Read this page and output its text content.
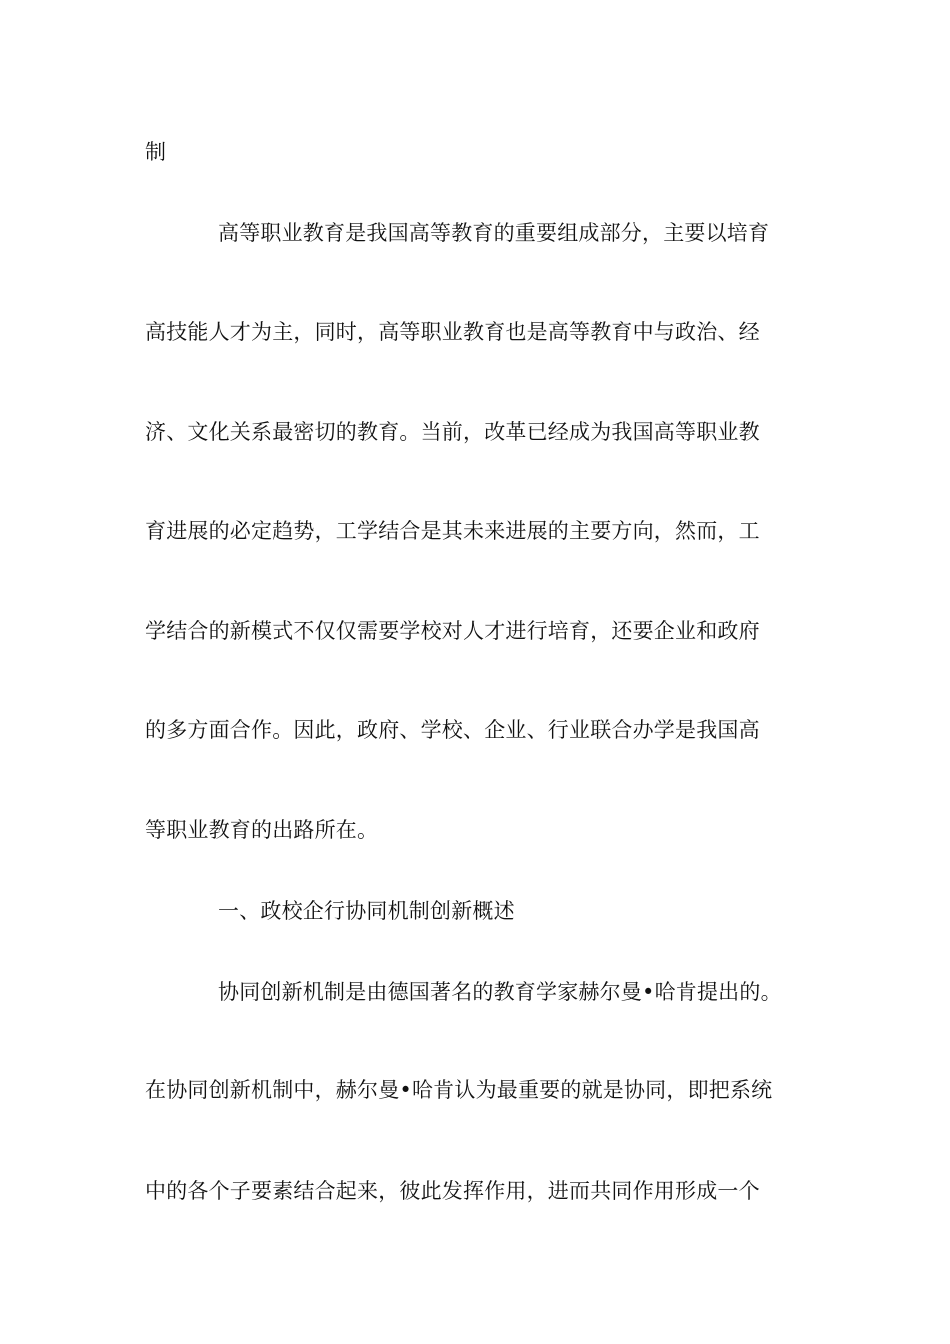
制
高等职业教育是我国高等教育的重要组成部分，主要以培育
高技能人才为主，同时，高等职业教育也是高等教育中与政治、经
济、文化关系最密切的教育。当前，改革已经成为我国高等职业教
育进展的必定趋势，工学结合是其未来进展的主要方向，然而，工
学结合的新模式不仅仅需要学校对人才进行培育，还要企业和政府
的多方面合作。因此，政府、学校、企业、行业联合办学是我国高
等职业教育的出路所在。
一、政校企行协同机制创新概述
协同创新机制是由德国著名的教育学家赫尔曼•哈肯提出的。
在协同创新机制中，赫尔曼•哈肯认为最重要的就是协同，即把系统
中的各个子要素结合起来，彼此发挥作用，进而共同作用形成一个
